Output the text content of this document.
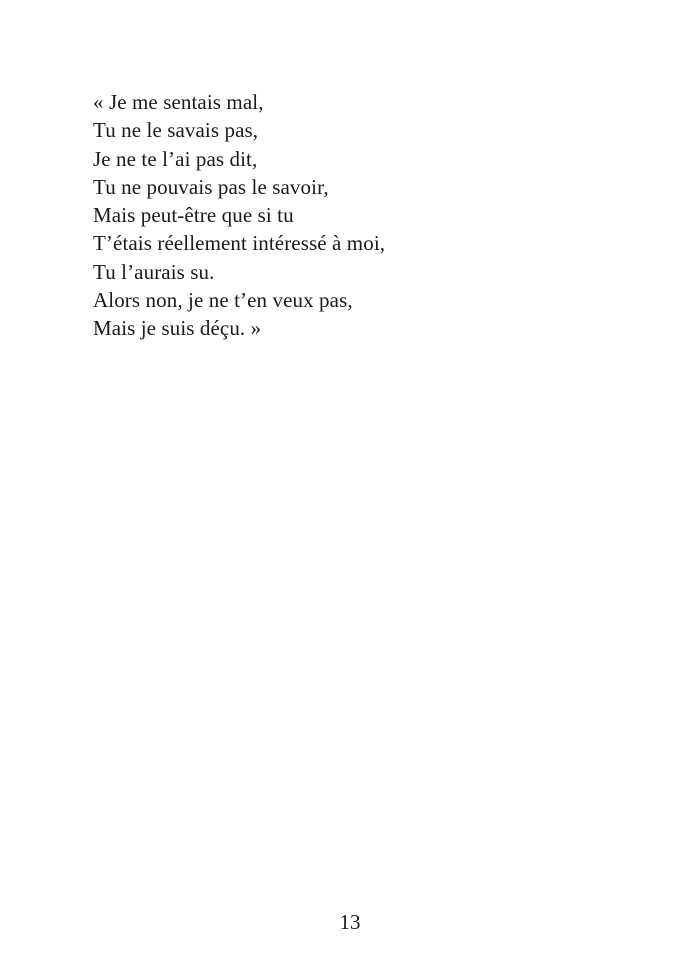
« Je me sentais mal,
Tu ne le savais pas,
Je ne te l’ai pas dit,
Tu ne pouvais pas le savoir,
Mais peut-être que si tu
T’étais réellement intéressé à moi,
Tu l’aurais su.
Alors non, je ne t’en veux pas,
Mais je suis déçu. »
13
